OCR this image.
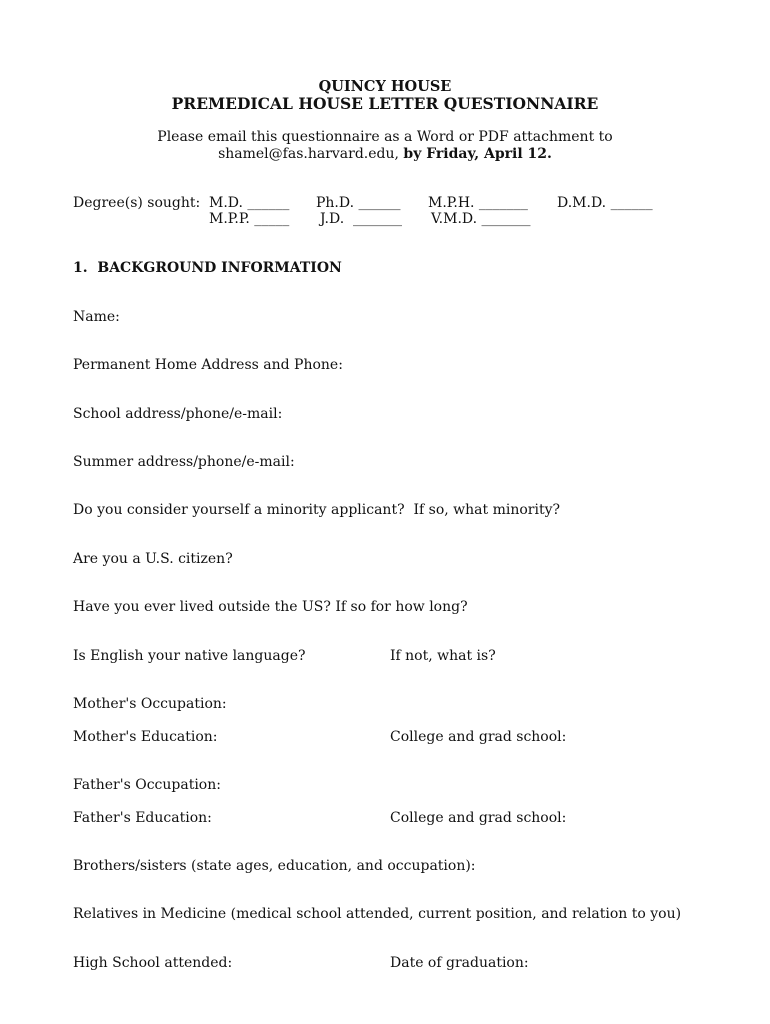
QUINCY HOUSE
PREMEDICAL HOUSE LETTER QUESTIONNAIRE
Please email this questionnaire as a Word or PDF attachment to
shamel@fas.harvard.edu, by Friday, April 12.
Degree(s) sought: M.D. ______ Ph.D. ______ M.P.H. _______ D.M.D. ______
M.P.P. _____ J.D.  _______ V.M.D. _______
1.  BACKGROUND INFORMATION
Name:
Permanent Home Address and Phone:
School address/phone/e-mail:
Summer address/phone/e-mail:
Do you consider yourself a minority applicant?  If so, what minority?
Are you a U.S. citizen?
Have you ever lived outside the US? If so for how long?
Is English your native language?	If not, what is?
Mother's Occupation:
Mother's Education:	College and grad school:
Father's Occupation:
Father's Education:	College and grad school:
Brothers/sisters (state ages, education, and occupation):
Relatives in Medicine (medical school attended, current position, and relation to you)
High School attended:	Date of graduation:
